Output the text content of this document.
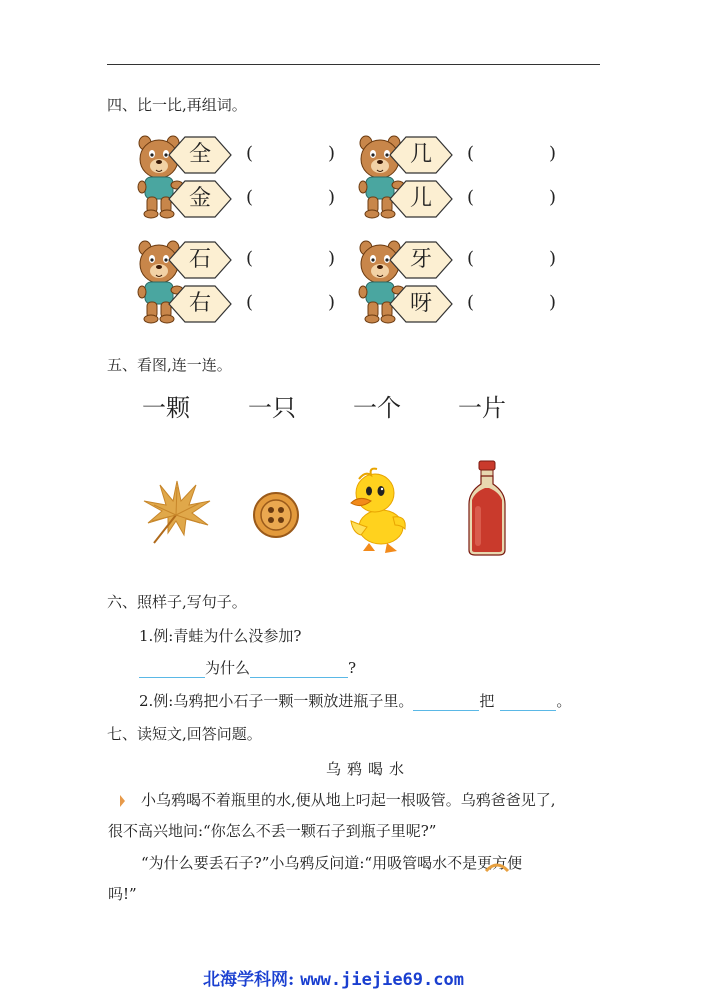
四、比一比,再组词。
全	(	)
金	(	)
几	(	)
儿	(	)
石	(	)
右	(	)
牙	(	)
呀	(	)
五、看图,连一连。
一颗 一只 一个 一片
六、照样子,写句子。
1.例:青蛙为什么没参加?
为什么	?
2.例:乌鸦把小石子一颗一颗放进瓶子里。	把	。
七、读短文,回答问题。
乌鸦喝水
小乌鸦喝不着瓶里的水,便从地上叼起一根吸管。乌鸦爸爸见了,
很不高兴地问:“你怎么不丢一颗石子到瓶子里呢?”
“为什么要丢石子?”小乌鸦反问道:“用吸管喝水不是更方便
吗!”
北海学科网: www.jiejie69.com
